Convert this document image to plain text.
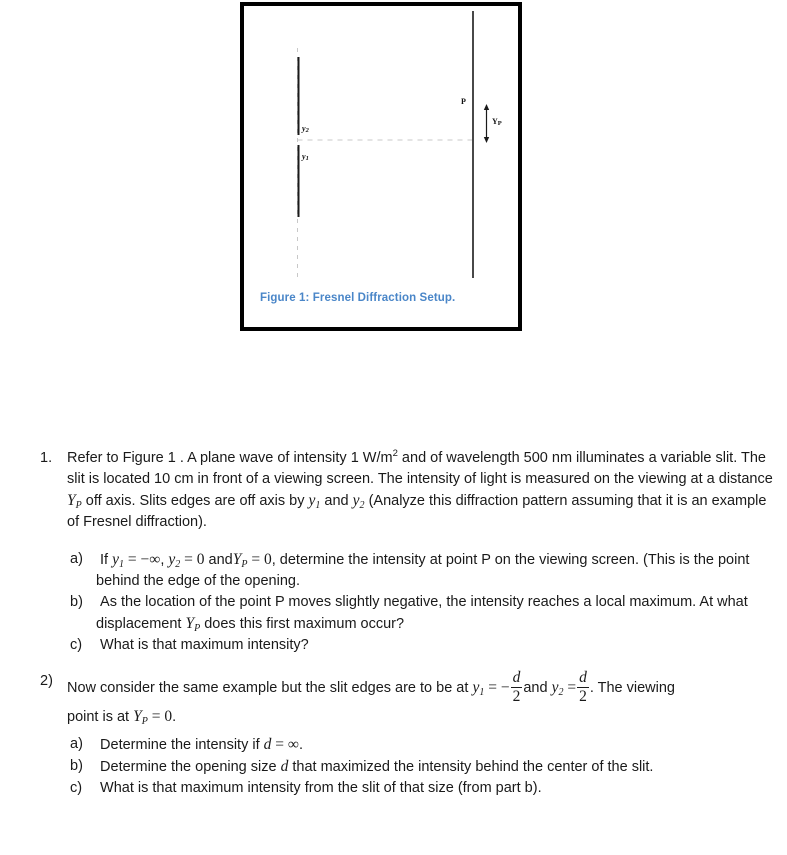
y2
y1
P
YP
Figure 1: Fresnel Diffraction Setup.
1.	Refer to Figure 1 . A plane wave of intensity 1 $W/m^2$ and of wavelength 500 nm illuminates a variable slit. The slit is located 10 cm in front of a viewing screen. The intensity of light is measured on the viewing at a distance $Y_P$ off axis. Slits edges are off axis by $y_1$ and $y_2$ (Analyze this diffraction pattern assuming that it is an example of Fresnel diffraction).
a) If $y_1$ = −∞, $y_2 = 0$ andY$_P$ = 0, determine the intensity at point P on the viewing screen. (This is the point behind the edge of the opening.
b)	As the location of the point P moves slightly negative, the intensity reaches a local maximum. At what displacement $Y_P$ does this first maximum occur?
c)	What is that maximum intensity?
2) Now consider the same example but the slit edges are to be at $y_1$ = − $\frac{d}{2}$ and $y_2 = \frac{d}{2}$ . The viewing
point is at $Y_P = 0$.
a)	Determine the intensity if d = ∞.
b)	Determine the opening size d that maximized the intensity behind the center of the slit.
c)	What is that maximum intensity from the slit of that size (from part b).
